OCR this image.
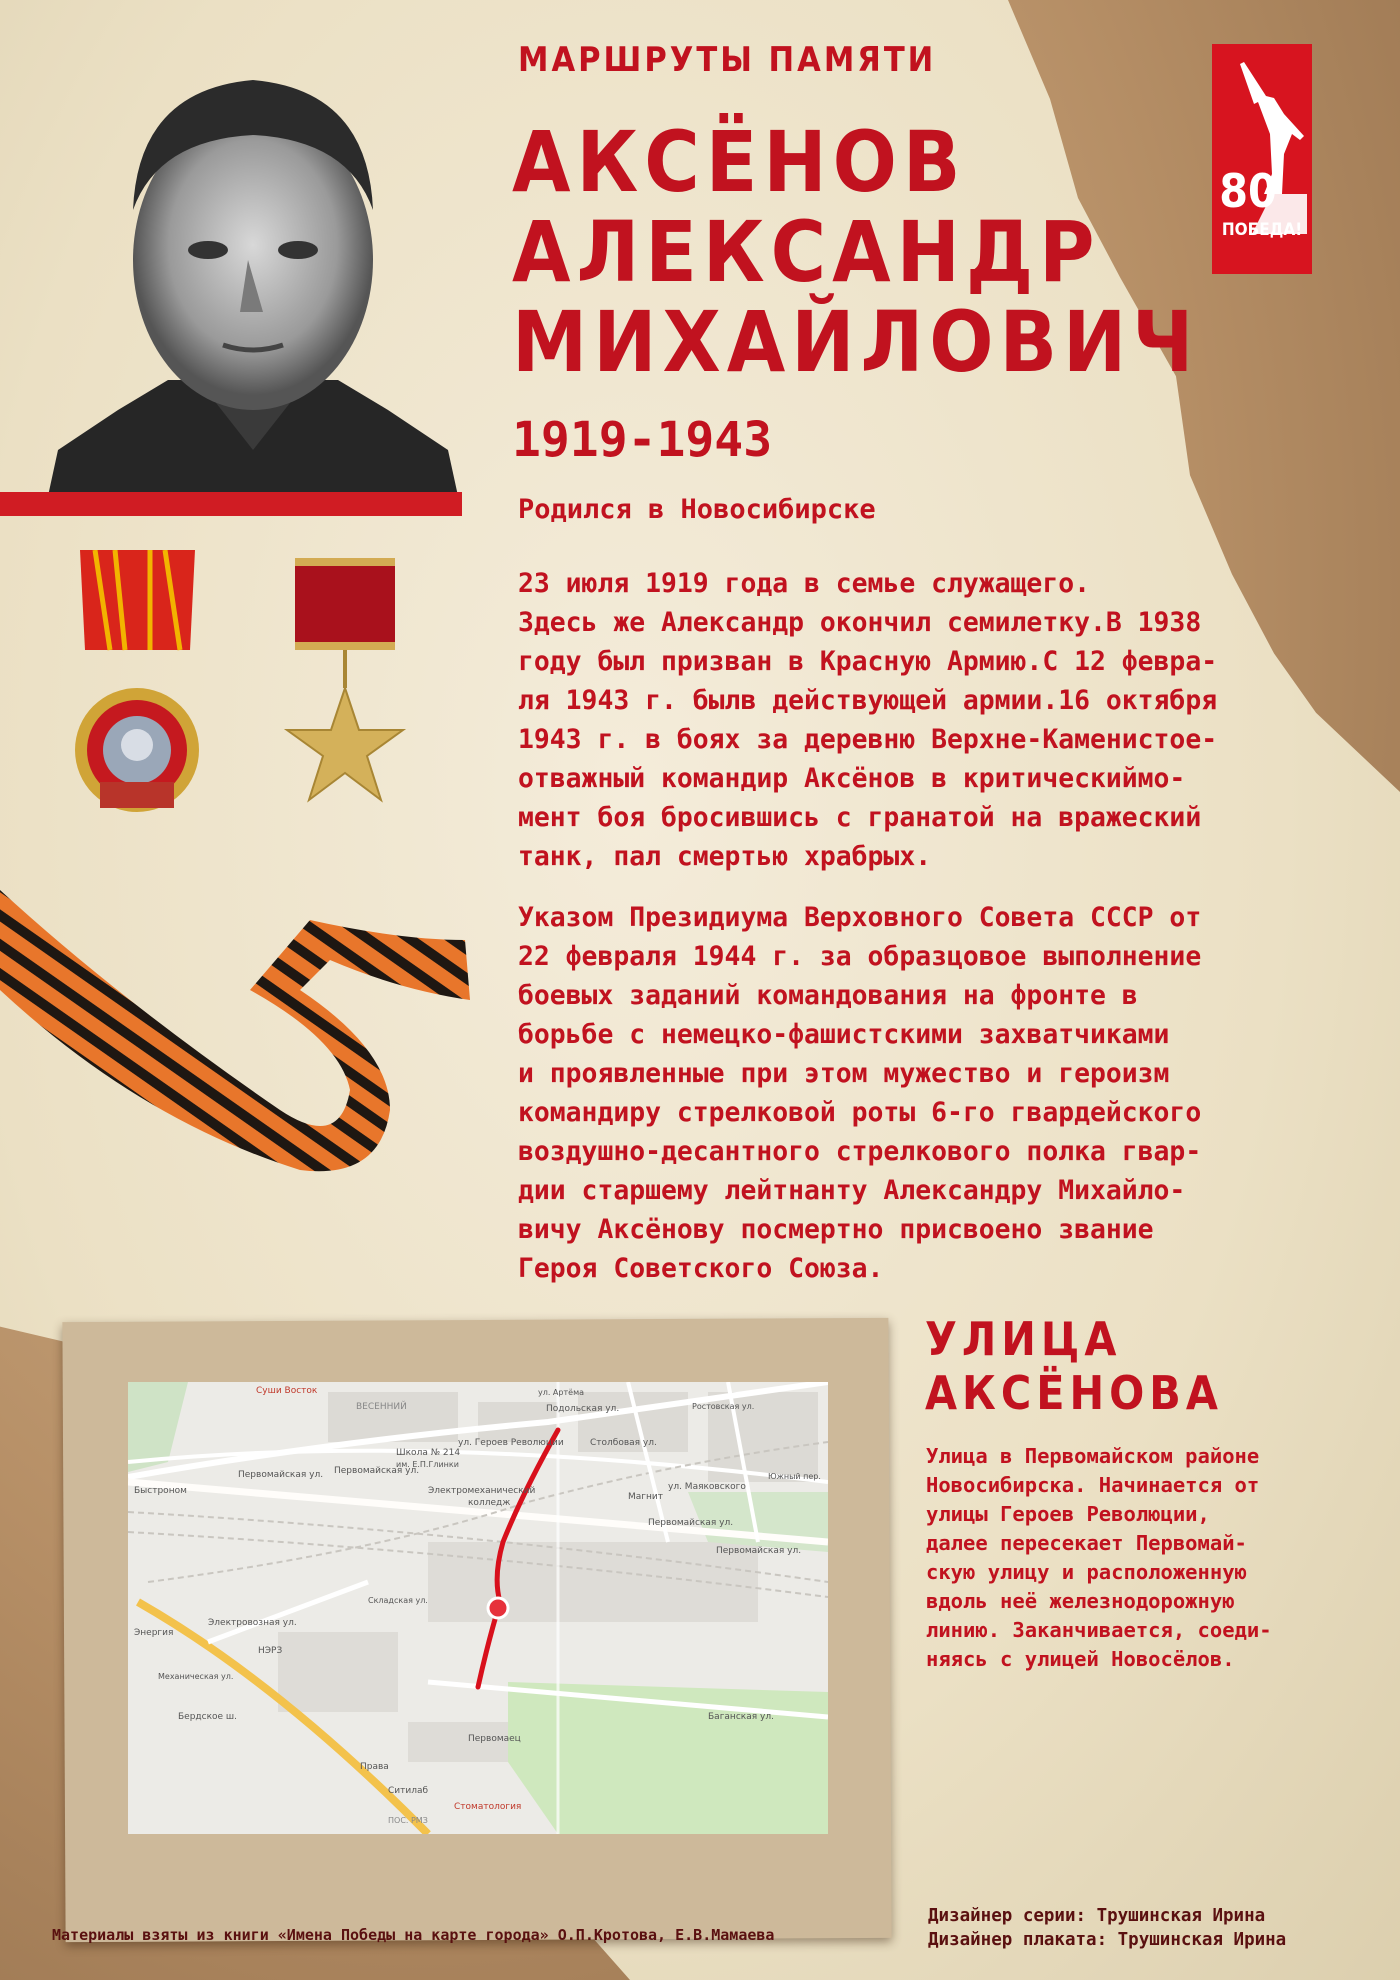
МАРШРУТЫ ПАМЯТИ
АКСЁНОВ
АЛЕКСАНДР
МИХАЙЛОВИЧ
1919-1943
Родился в Новосибирске
80
ПОБЕДА!
23 июля 1919 года в семье служащего.
Здесь же Александр окончил семилетку.В 1938
году был призван в Красную Армию.С 12 февра-
ля 1943 г. былв действующей армии.16 октября
1943 г. в боях за деревню Верхне-Каменистое-
отважный командир Аксёнов в критическиймо-
мент боя бросившись с гранатой на вражеский
танк, пал смертью храбрых.
Указом Президиума Верховного Совета СССР от
22 февраля 1944 г. за образцовое выполнение
боевых заданий командования на фронте в
борьбе с немецко-фашистскими захватчиками
и проявленные при этом мужество и героизм
командиру стрелковой роты 6-го гвардейского
воздушно-десантного стрелкового полка гвар-
дии старшему лейтнанту Александру Михайло-
вичу Аксёнову посмертно присвоено звание
Героя Советского Союза.
Суши Восток
ВЕСЕННИЙ
Школа № 214
им. Е.П.Глинки
Первомайская ул. Первомайская ул.
Первомайская ул.
Первомайская ул.
ул. Героев Революции	Столбовая ул.
Подольская ул.
Электромеханический
колледж
Магнит
Быстроном	ул. Маяковского
Энергия
Электровозная ул.
НЭРЗ
Первомаец
Баганская ул.
Бердское ш.
Ситилаб
Стоматология
ПОС. РМЗ
Права
Ростовская ул.
Южный пер.
Механическая ул.
Складская ул.
ул. Артёма
УЛИЦА
АКСЁНОВА
Улица в Первомайском районе
Новосибирска. Начинается от
улицы Героев Революции,
далее пересекает Первомай-
скую улицу и расположенную
вдоль неё железнодорожную
линию. Заканчивается, соеди-
няясь с улицей Новосёлов.
Материалы взяты из книги «Имена Победы на карте города» О.П.Кротова, Е.В.Мамаева
Дизайнер серии: Трушинская Ирина
Дизайнер плаката: Трушинская Ирина
